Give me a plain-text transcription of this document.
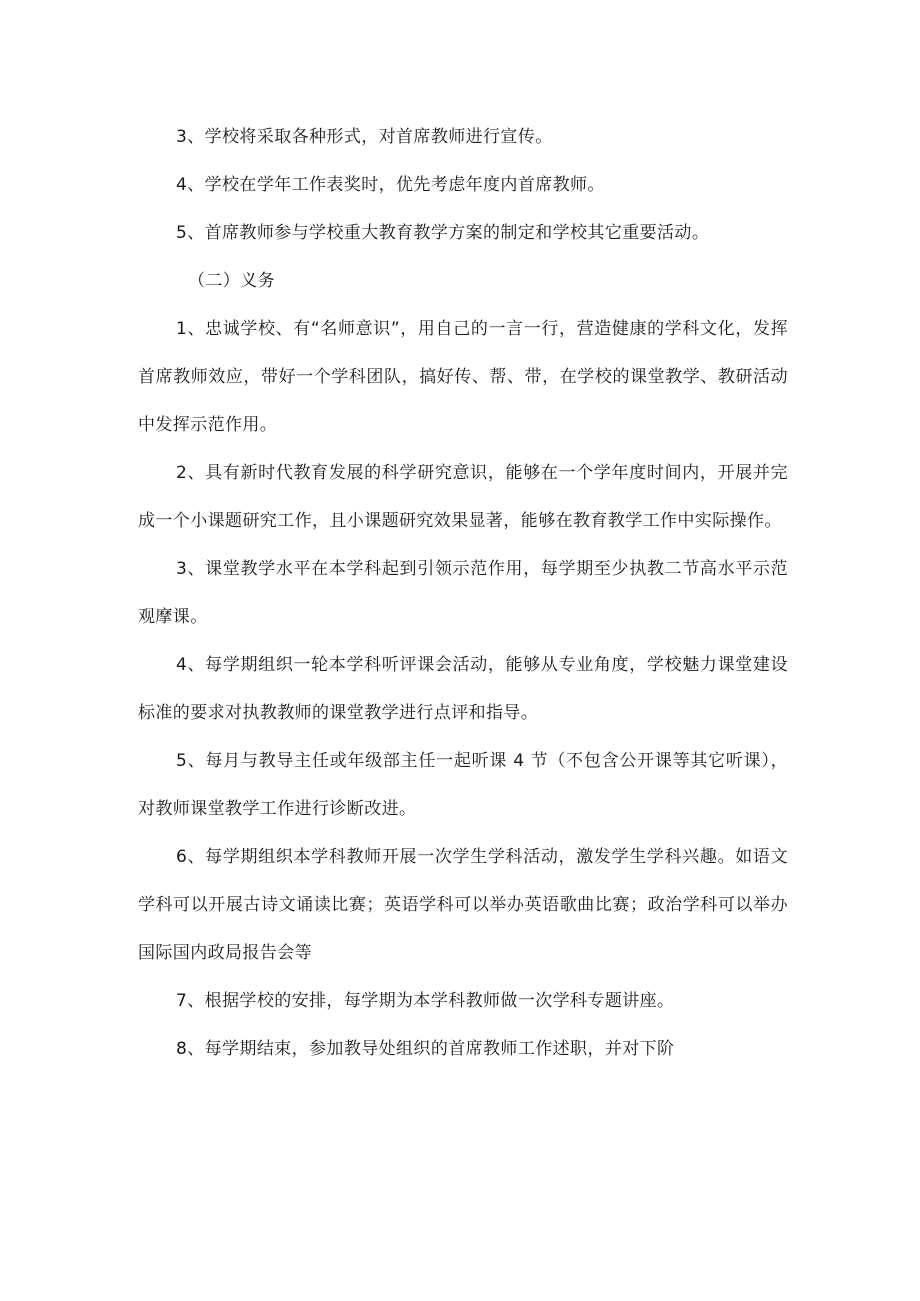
3、学校将采取各种形式，对首席教师进行宣传。

4、学校在学年工作表奖时，优先考虑年度内首席教师。

5、首席教师参与学校重大教育教学方案的制定和学校其它重要活动。

（二）义务

1、忠诚学校、有“名师意识”，用自己的一言一行，营造健康的学科文化，发挥首席教师效应，带好一个学科团队，搞好传、帮、带，在学校的课堂教学、教研活动中发挥示范作用。

2、具有新时代教育发展的科学研究意识，能够在一个学年度时间内，开展并完成一个小课题研究工作，且小课题研究效果显著，能够在教育教学工作中实际操作。

3、课堂教学水平在本学科起到引领示范作用，每学期至少执教二节高水平示范观摩课。

4、每学期组织一轮本学科听评课会活动，能够从专业角度，学校魅力课堂建设标准的要求对执教教师的课堂教学进行点评和指导。

5、每月与教导主任或年级部主任一起听课 4 节（不包含公开课等其它听课），对教师课堂教学工作进行诊断改进。

6、每学期组织本学科教师开展一次学生学科活动，激发学生学科兴趣。如语文学科可以开展古诗文诵读比赛；英语学科可以举办英语歌曲比赛；政治学科可以举办国际国内政局报告会等

7、根据学校的安排，每学期为本学科教师做一次学科专题讲座。

8、每学期结束，参加教导处组织的首席教师工作述职，并对下阶
